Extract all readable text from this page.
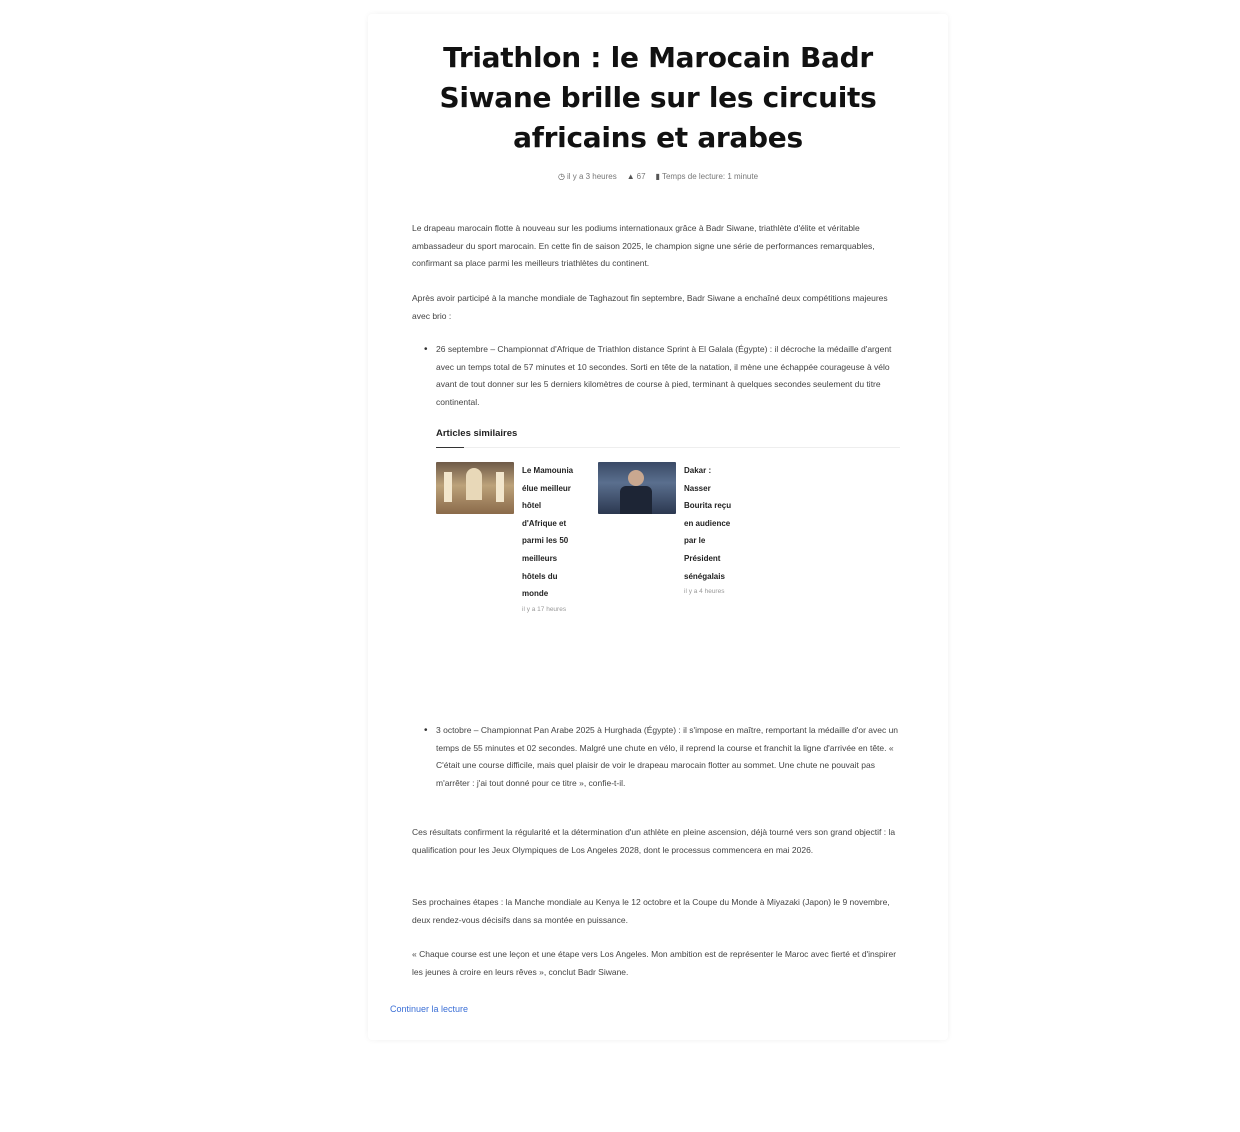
Triathlon : le Marocain Badr Siwane brille sur les circuits africains et arabes
◷ il y a 3 heures ▲ 67 ▮ Temps de lecture: 1 minute

Le drapeau marocain flotte à nouveau sur les podiums internationaux grâce à Badr Siwane, triathlète d'élite et véritable ambassadeur du sport marocain. En cette fin de saison 2025, le champion signe une série de performances remarquables, confirmant sa place parmi les meilleurs triathlètes du continent.

Après avoir participé à la manche mondiale de Taghazout fin septembre, Badr Siwane a enchaîné deux compétitions majeures avec brio :

• 26 septembre – Championnat d'Afrique de Triathlon distance Sprint à El Galala (Égypte) : il décroche la médaille d'argent avec un temps total de 57 minutes et 10 secondes. Sorti en tête de la natation, il mène une échappée courageuse à vélo avant de tout donner sur les 5 derniers kilomètres de course à pied, terminant à quelques secondes seulement du titre continental.
Articles similaires

Le Mamounia élue meilleur hôtel d'Afrique et parmi les 50 meilleurs hôtels du monde

il y a 17 heures

Dakar : Nasser Bourita reçu en audience par le Président sénégalais

il y a 4 heures

• 3 octobre – Championnat Pan Arabe 2025 à Hurghada (Égypte) : il s'impose en maître, remportant la médaille d'or avec un temps de 55 minutes et 02 secondes. Malgré une chute en vélo, il reprend la course et franchit la ligne d'arrivée en tête. « C'était une course difficile, mais quel plaisir de voir le drapeau marocain flotter au sommet. Une chute ne pouvait pas m'arrêter : j'ai tout donné pour ce titre », confie-t-il.

Ces résultats confirment la régularité et la détermination d'un athlète en pleine ascension, déjà tourné vers son grand objectif : la qualification pour les Jeux Olympiques de Los Angeles 2028, dont le processus commencera en mai 2026.

Ses prochaines étapes : la Manche mondiale au Kenya le 12 octobre et la Coupe du Monde à Miyazaki (Japon) le 9 novembre, deux rendez-vous décisifs dans sa montée en puissance.

« Chaque course est une leçon et une étape vers Los Angeles. Mon ambition est de représenter le Maroc avec fierté et d'inspirer les jeunes à croire en leurs rêves », conclut Badr Siwane.

Continuer la lecture
